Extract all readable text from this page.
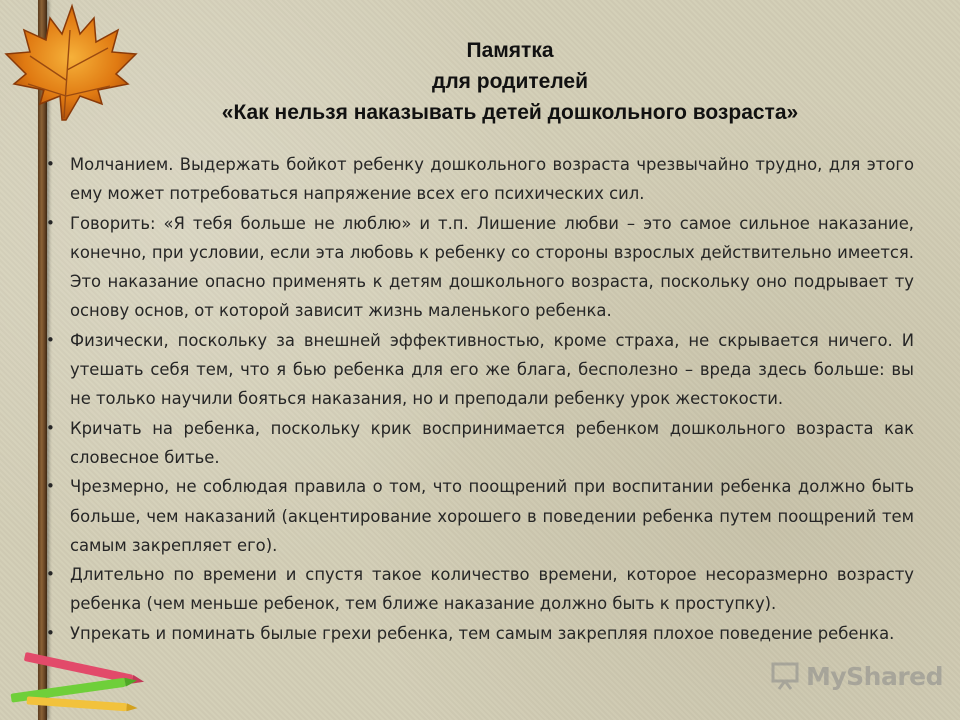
Памятка
для родителей
«Как нельзя наказывать детей дошкольного возраста»
• Молчанием. Выдержать бойкот ребенку дошкольного возраста чрезвычайно трудно, для этого ему может потребоваться напряжение всех его психических сил.
• Говорить: «Я тебя больше не люблю» и т.п. Лишение любви – это самое сильное наказание, конечно, при условии, если эта любовь к ребенку со стороны взрослых действительно имеется. Это наказание опасно применять к детям дошкольного возраста, поскольку оно подрывает ту основу основ, от которой зависит жизнь маленького ребенка.
• Физически, поскольку за внешней эффективностью, кроме страха, не скрывается ничего. И утешать себя тем, что я бью ребенка для его же блага, бесполезно – вреда здесь больше: вы не только научили бояться наказания, но и преподали ребенку урок жестокости.
• Кричать на ребенка, поскольку крик воспринимается ребенком дошкольного возраста как словесное битье.
• Чрезмерно, не соблюдая правила о том, что поощрений при воспитании ребенка должно быть больше, чем наказаний (акцентирование хорошего в поведении ребенка путем поощрений тем самым закрепляет его).
• Длительно по времени и спустя такое количество времени, которое несоразмерно возрасту ребенка (чем меньше ребенок, тем ближе наказание должно быть к проступку).
• Упрекать и поминать былые грехи ребенка, тем самым закрепляя плохое поведение ребенка.
MyShared
